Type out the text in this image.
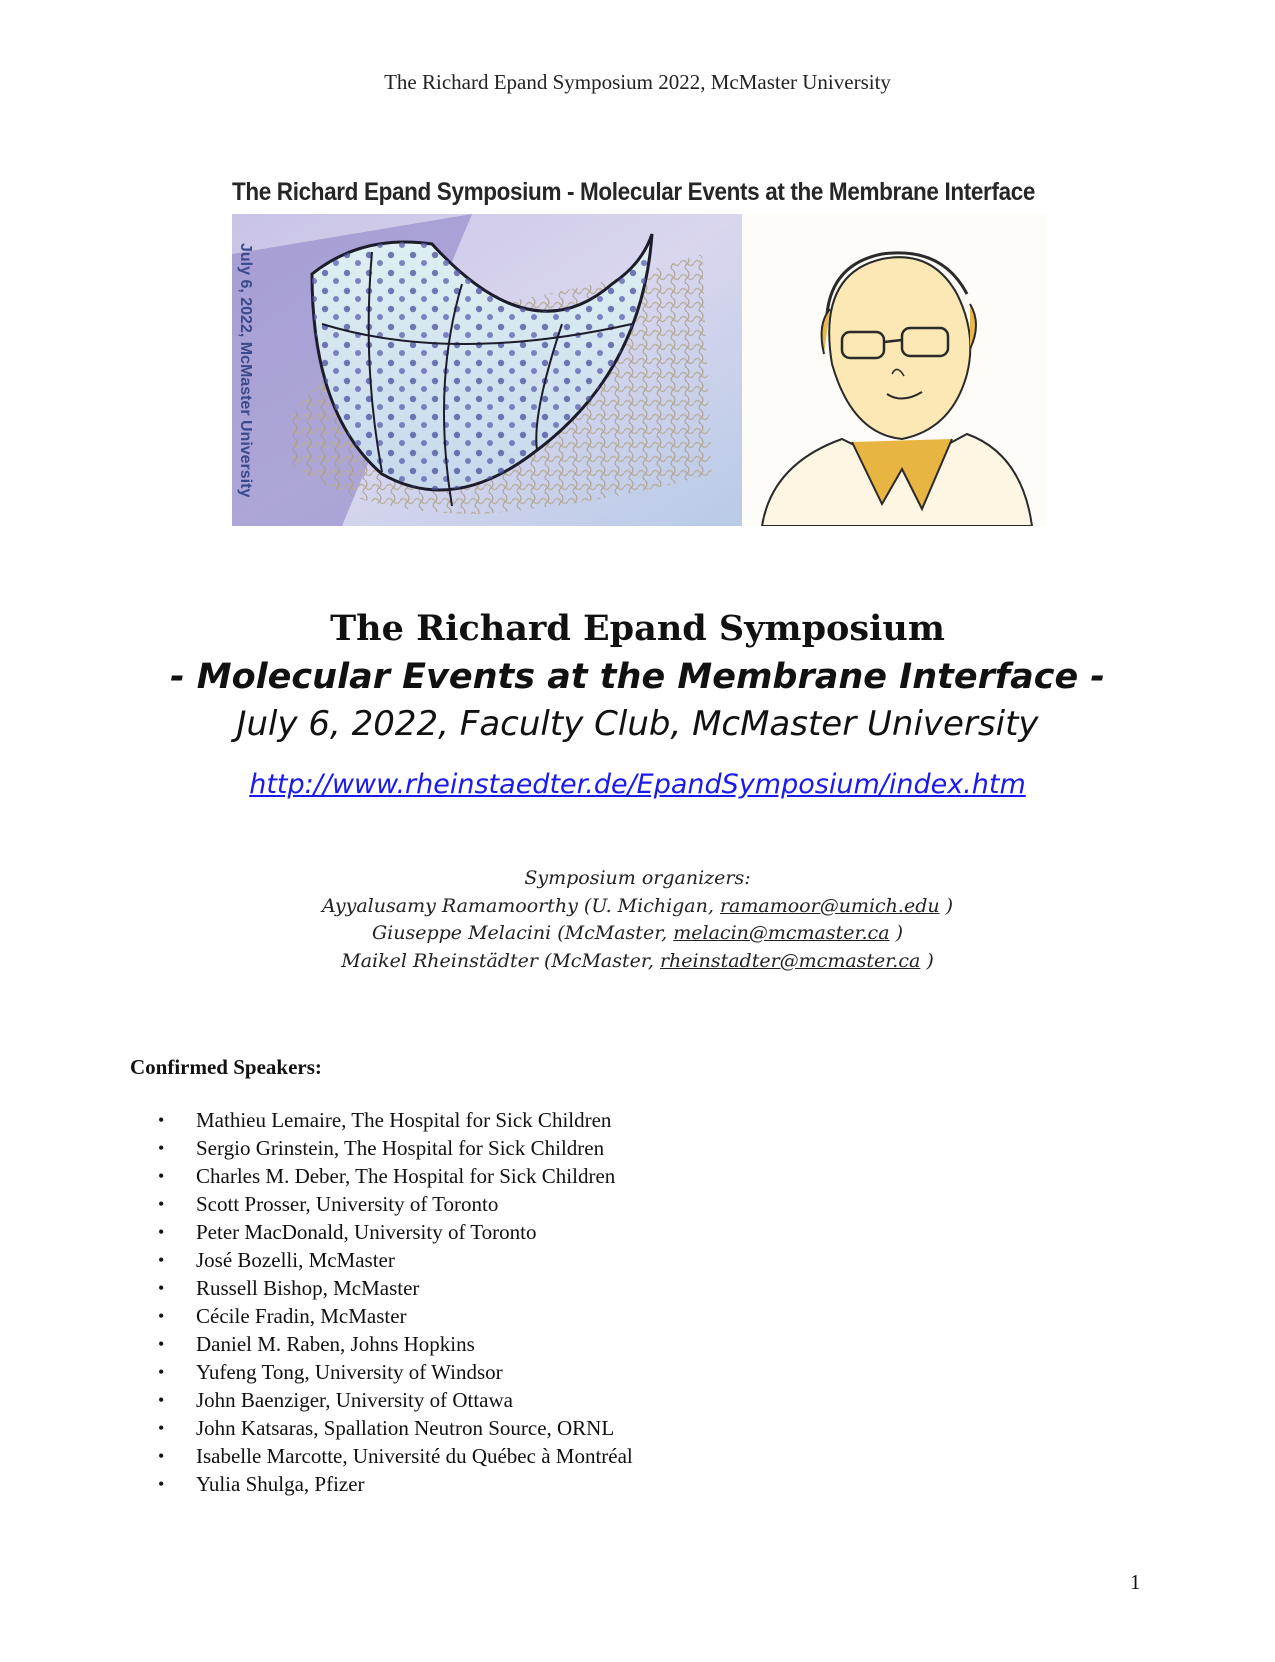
The Richard Epand Symposium 2022, McMaster University
The Richard Epand Symposium - Molecular Events at the Membrane Interface
July 6, 2022, McMaster University
The Richard Epand Symposium
- Molecular Events at the Membrane Interface -
July 6, 2022, Faculty Club, McMaster University
http://www.rheinstaedter.de/EpandSymposium/index.htm
Symposium organizers:
Ayyalusamy Ramamoorthy (U. Michigan, ramamoor@umich.edu )
Giuseppe Melacini (McMaster, melacin@mcmaster.ca )
Maikel Rheinstädter (McMaster, rheinstadter@mcmaster.ca )
Confirmed Speakers:
• Mathieu Lemaire, The Hospital for Sick Children
• Sergio Grinstein, The Hospital for Sick Children
• Charles M. Deber, The Hospital for Sick Children
• Scott Prosser, University of Toronto
• Peter MacDonald, University of Toronto
• José Bozelli, McMaster
• Russell Bishop, McMaster
• Cécile Fradin, McMaster
• Daniel M. Raben, Johns Hopkins
• Yufeng Tong, University of Windsor
• John Baenziger, University of Ottawa
• John Katsaras, Spallation Neutron Source, ORNL
• Isabelle Marcotte, Université du Québec à Montréal
• Yulia Shulga, Pfizer
1
